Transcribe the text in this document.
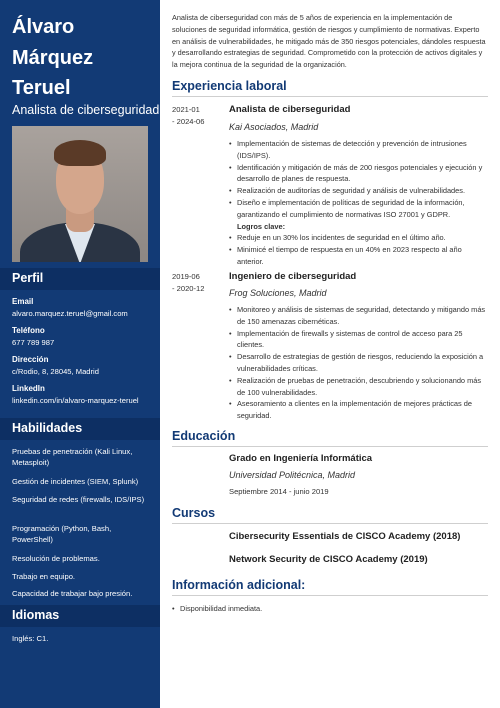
Álvaro
Márquez
Teruel
Analista de ciberseguridad
Perfil
Email
alvaro.marquez.teruel@gmail.com
Teléfono
677 789 987
Dirección
c/Rodio, 8, 28045, Madrid
LinkedIn
linkedin.com/in/alvaro-marquez-teruel
Habilidades
Pruebas de penetración (Kali Linux, Metasploit)
Gestión de incidentes (SIEM, Splunk)
Seguridad de redes (firewalls, IDS/IPS)
Programación (Python, Bash, PowerShell)
Resolución de problemas.
Trabajo en equipo.
Capacidad de trabajar bajo presión.
Idiomas
Inglés: C1.
Analista de ciberseguridad con más de 5 años de experiencia en la implementación de soluciones de seguridad informática, gestión de riesgos y cumplimiento de normativas. Experto en análisis de vulnerabilidades, he mitigado más de 350 riesgos potenciales, dándoles respuesta y desarrollando estrategias de seguridad. Comprometido con la protección de activos digitales y la mejora continua de la seguridad de la organización.
Experiencia laboral
2021-01
- 2024-06
Analista de ciberseguridad
Kai Asociados, Madrid
• Implementación de sistemas de detección y prevención de intrusiones (IDS/IPS).
• Identificación y mitigación de más de 200 riesgos potenciales y ejecución y desarrollo de planes de respuesta.
• Realización de auditorías de seguridad y análisis de vulnerabilidades.
• Diseño e implementación de políticas de seguridad de la información, garantizando el cumplimiento de normativas ISO 27001 y GDPR.
Logros clave:
• Reduje en un 30% los incidentes de seguridad en el último año.
• Minimicé el tiempo de respuesta en un 40% en 2023 respecto al año anterior.
2019-06
- 2020-12
Ingeniero de ciberseguridad
Frog Soluciones, Madrid
• Monitoreo y análisis de sistemas de seguridad, detectando y mitigando más de 150 amenazas cibernéticas.
• Implementación de firewalls y sistemas de control de acceso para 25 clientes.
• Desarrollo de estrategias de gestión de riesgos, reduciendo la exposición a vulnerabilidades críticas.
• Realización de pruebas de penetración, descubriendo y solucionando más de 100 vulnerabilidades.
• Asesoramiento a clientes en la implementación de mejores prácticas de seguridad.
Educación
Grado en Ingeniería Informática
Universidad Politécnica, Madrid
Septiembre 2014 - junio 2019
Cursos
Cibersecurity Essentials de CISCO Academy (2018)
Network Security de CISCO Academy (2019)
Información adicional:
• Disponibilidad inmediata.
